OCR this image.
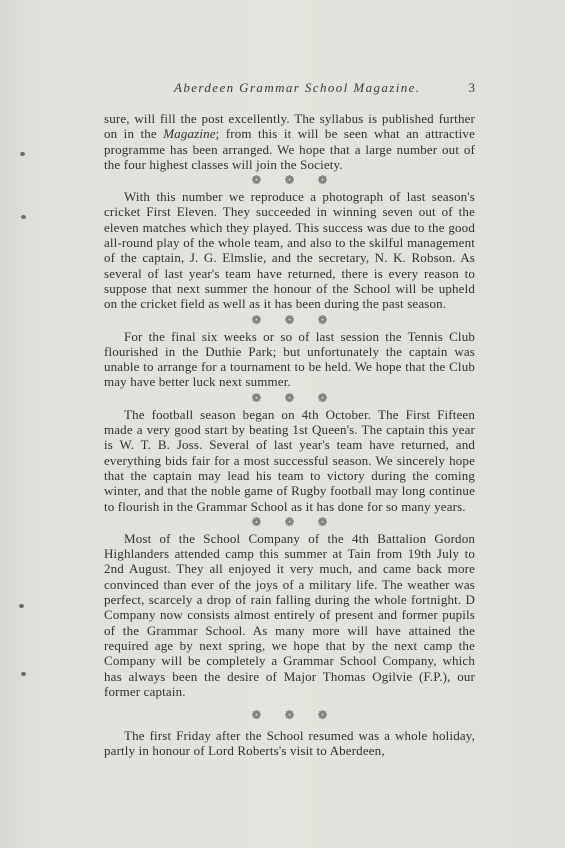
Aberdeen Grammar School Magazine.	3

sure, will fill the post excellently. The syllabus is published further on in the Magazine; from this it will be seen what an attractive programme has been arranged. We hope that a large number out of the four highest classes will join the Society.

❁ ❁ ❁

With this number we reproduce a photograph of last season's cricket First Eleven. They succeeded in winning seven out of the eleven matches which they played. This success was due to the good all-round play of the whole team, and also to the skilful management of the captain, J. G. Elmslie, and the secretary, N. K. Robson. As several of last year's team have returned, there is every reason to suppose that next summer the honour of the School will be upheld on the cricket field as well as it has been during the past season.

❁ ❁ ❁

For the final six weeks or so of last session the Tennis Club flourished in the Duthie Park; but unfortunately the captain was unable to arrange for a tournament to be held. We hope that the Club may have better luck next summer.

❁ ❁ ❁

The football season began on 4th October. The First Fifteen made a very good start by beating 1st Queen's. The captain this year is W. T. B. Joss. Several of last year's team have returned, and everything bids fair for a most successful season. We sincerely hope that the captain may lead his team to victory during the coming winter, and that the noble game of Rugby football may long continue to flourish in the Grammar School as it has done for so many years.

❁ ❁ ❁

Most of the School Company of the 4th Battalion Gordon Highlanders attended camp this summer at Tain from 19th July to 2nd August. They all enjoyed it very much, and came back more convinced than ever of the joys of a military life. The weather was perfect, scarcely a drop of rain falling during the whole fortnight. D Company now consists almost entirely of present and former pupils of the Grammar School. As many more will have attained the required age by next spring, we hope that by the next camp the Company will be completely a Grammar School Company, which has always been the desire of Major Thomas Ogilvie (F.P.), our former captain.

❁ ❁ ❁

The first Friday after the School resumed was a whole holiday, partly in honour of Lord Roberts's visit to Aberdeen,
